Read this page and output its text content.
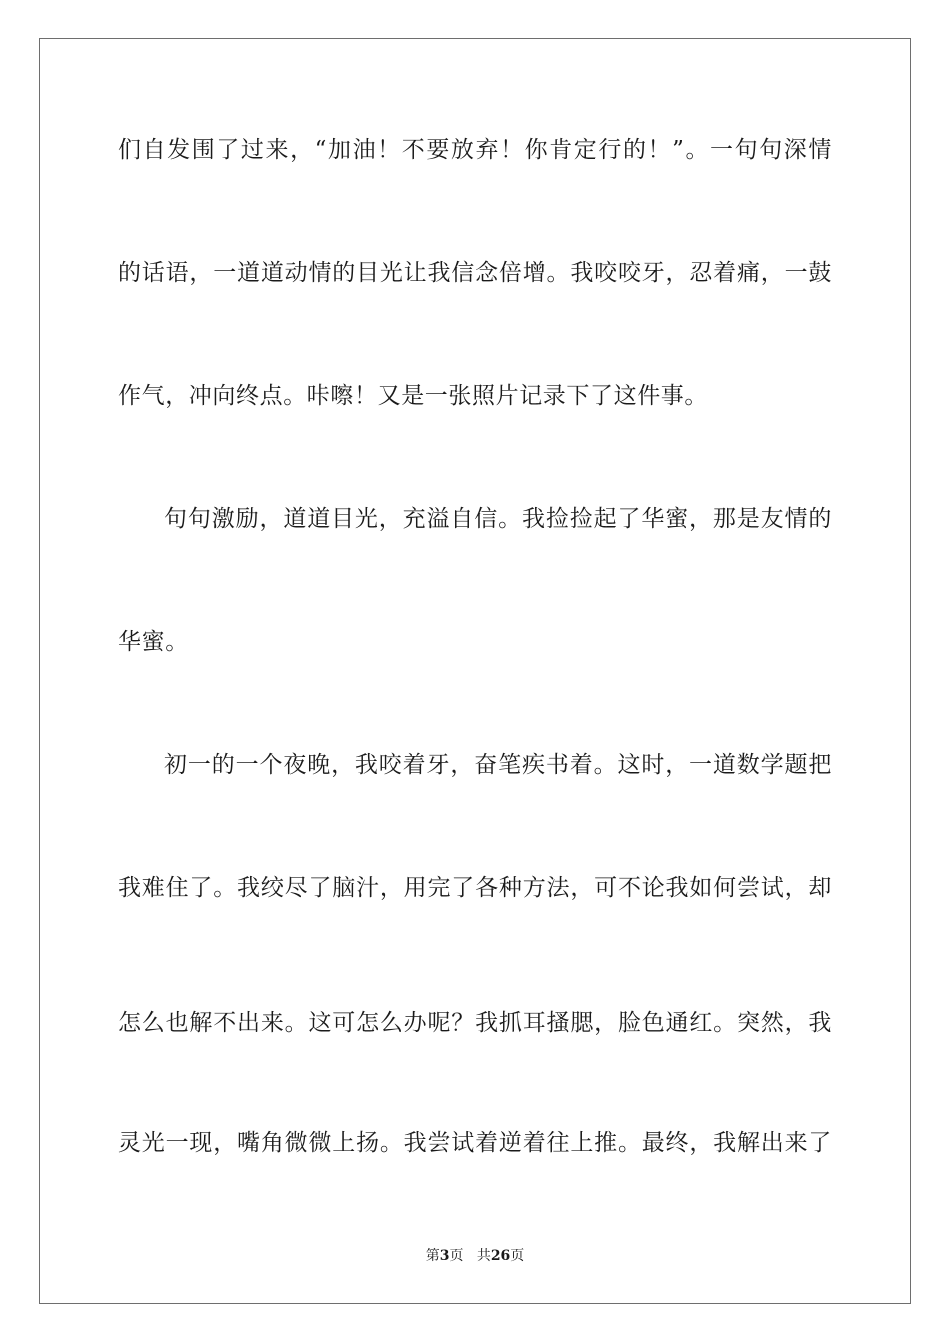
们自发围了过来，“加油！不要放弃！你肯定行的！”。一句句深情
的话语，一道道动情的目光让我信念倍增。我咬咬牙，忍着痛，一鼓
作气，冲向终点。咔嚓！又是一张照片记录下了这件事。
句句激励，道道目光，充溢自信。我捡捡起了华蜜，那是友情的
华蜜。
初一的一个夜晚，我咬着牙，奋笔疾书着。这时，一道数学题把
我难住了。我绞尽了脑汁，用完了各种方法，可不论我如何尝试，却
怎么也解不出来。这可怎么办呢？我抓耳搔腮，脸色通红。突然，我
灵光一现，嘴角微微上扬。我尝试着逆着往上推。最终，我解出来了
第3页 共26页
